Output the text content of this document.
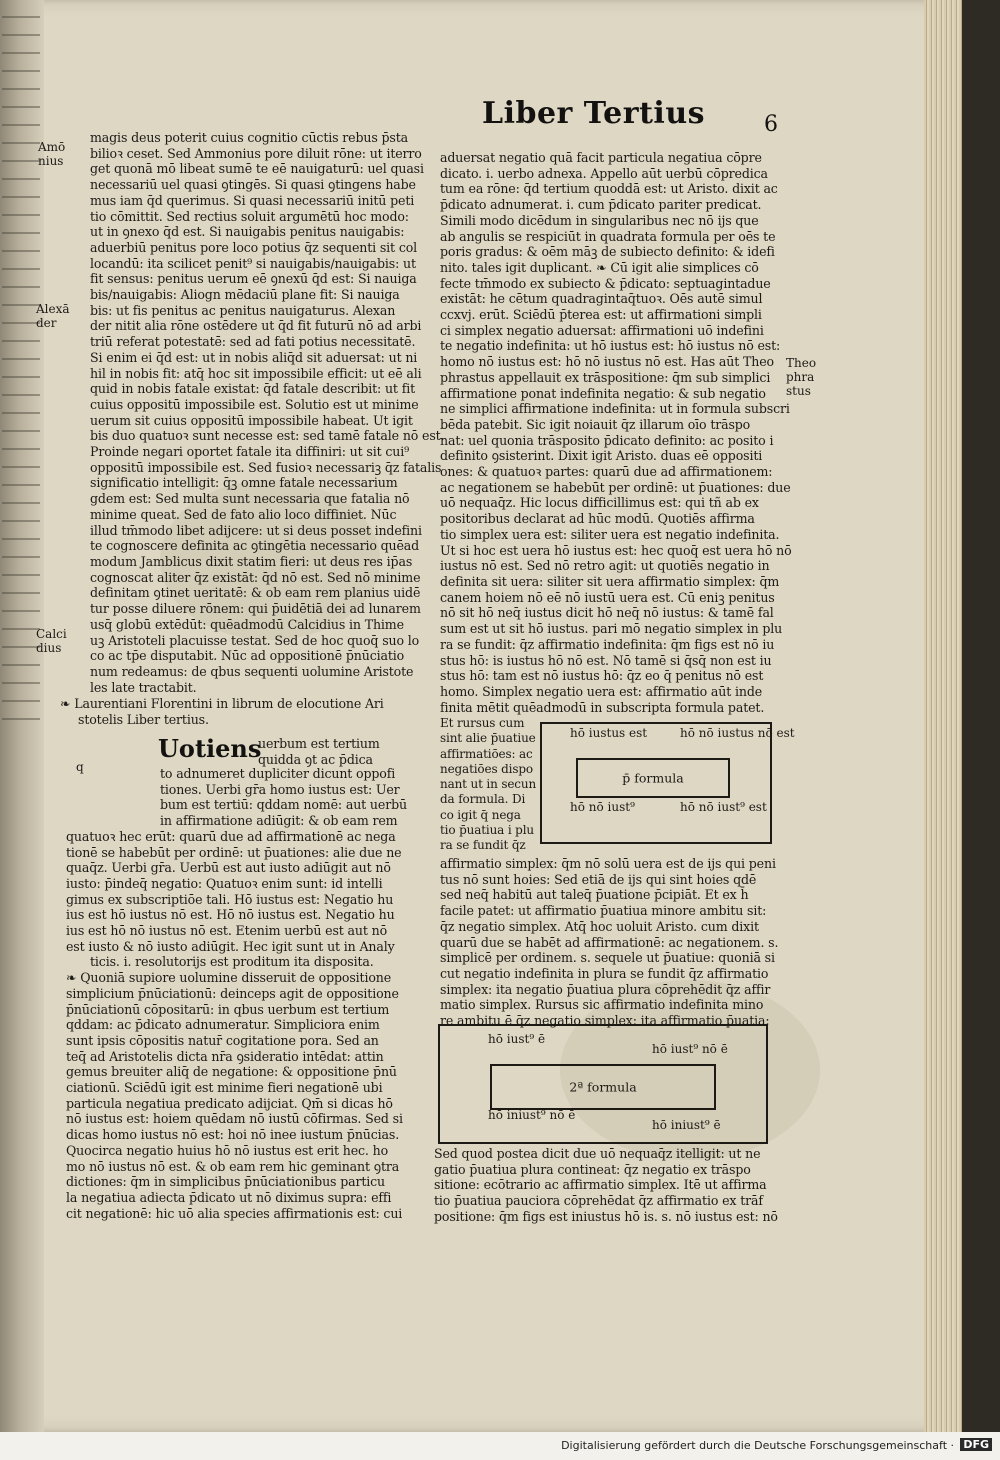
Liber Tertius	6
Amō nius
Alexā der
Calci dius
Theo phra stus

magis deus poterit cuius cognitio cūctis rebus p̄sta

bilioꝛ ceset. Sed Ammonius pore diluit rōne: ut iterro

get quonā mō libeat sumē te eē nauigaturū: uel quasi

necessariū uel quasi ꝯtingēs. Si quasi ꝯtingens habe

mus iam q̄d querimus. Si quasi necessariū initū peti

tio cōmittit. Sed rectius soluit argumētū hoc modo:

ut in ꝯnexo q̄d est. Si nauigabis penitus nauigabis:

aduerbiū penitus pore loco potius q̄z sequenti sit col

locandū: ita scilicet penit⁹ si nauigabis/nauigabis: ut

fit sensus: penitus uerum eē ꝯnexū q̄d est: Si nauiga

bis/nauigabis: Aliogn mēdaciū plane fit: Si nauiga

bis: ut fis penitus ac penitus nauigaturus. Alexan

der nitit alia rōne ostēdere ut q̄d fit futurū nō ad arbi

triū referat potestatē: sed ad fati potius necessitatē.

Si enim ei q̄d est: ut in nobis aliq̄d sit aduersat: ut ni

hil in nobis fit: atq̄ hoc sit impossibile efficit: ut eē ali

quid in nobis fatale existat: q̄d fatale describit: ut fit

cuius oppositū impossibile est. Solutio est ut minime

uerum sit cuius oppositū impossibile habeat. Ut igit

bis duo quatuoꝛ sunt necesse est: sed tamē fatale nō est.

Proinde negari oportet fatale ita diffiniri: ut sit cui⁹

oppositū impossibile est. Sed fusioꝛ necessariꝫ q̄z fatalis

significatio intelligit: q̄ꝫ omne fatale necessarium

gdem est: Sed multa sunt necessaria que fatalia nō

minime queat. Sed de fato alio loco diffiniet. Nūc

illud tm̄modo libet adijcere: ut si deus posset indefini

te cognoscere definita ac ꝯtingētia necessario quēad

modum Jamblicus dixit statim fieri: ut deus res ip̄as

cognoscat aliter q̄z existāt: q̄d nō est. Sed nō minime

definitam ꝯtinet ueritatē: & ob eam rem planius uidē

tur posse diluere rōnem: qui p̄uidētiā dei ad lunarem

usq̄ globū extēdūt: quēadmodū Calcidius in Thime

uꝫ Aristoteli placuisse testat. Sed de hoc quoq̄ suo lo

co ac tp̄e disputabit. Nūc ad oppositionē p̄nūciatio

num redeamus: de qbus sequenti uolumine Aristote

les late tractabit.

❧ Laurentiani Florentini in librum de elocutione Ari

stotelis Liber tertius.

Uotiens

uerbum est tertium

quidda ꝯt ac p̄dica

q	to adnumeret dupliciter dicunt oppofi

tiones. Uerbi gr̄a homo iustus est: Uer

bum est tertiū: qddam nomē: aut uerbū

in affirmatione adiūgit: & ob eam rem

quatuoꝛ hec erūt: quarū due ad affirmationē ac nega

tionē se habebūt per ordinē: ut p̄uationes: alie due ne

quaq̄z. Uerbi gr̄a. Uerbū est aut iusto adiūgit aut nō

iusto: p̄indeq̄ negatio: Quatuoꝛ enim sunt: id intelli

gimus ex subscriptiōe tali. Hō iustus est: Negatio hu

ius est hō iustus nō est. Hō nō iustus est. Negatio hu

ius est hō nō iustus nō est. Etenim uerbū est aut nō

est iusto & nō iusto adiūgit. Hec igit sunt ut in Analy

ticis. i. resolutorijs est proditum ita disposita.

❧ Quoniā supiore uolumine disseruit de oppositione

simplicium p̄nūciationū: deinceps agit de oppositione

p̄nūciationū cōpositarū: in qbus uerbum est tertium

qddam: ac p̄dicato adnumeratur. Simpliciora enim

sunt ipsis cōpositis natur̄ cogitatione pora. Sed an

teq̄ ad Aristotelis dicta nr̄a ꝯsideratio intēdat: attin

gemus breuiter aliq̄ de negatione: & oppositione p̄nū

ciationū. Sciēdū igit est minime fieri negationē ubi

particula negatiua predicato adijciat. Qm̄ si dicas hō

nō iustus est: hoiem quēdam nō iustū cōfirmas. Sed si

dicas homo iustus nō est: hoi nō inee iustum p̄nūcias.

Quocirca negatio huius hō nō iustus est erit hec. ho

mo nō iustus nō est. & ob eam rem hic geminant ꝯtra

dictiones: q̄m in simplicibus p̄nūciationibus particu

la negatiua adiecta p̄dicato ut nō diximus supra: effi

cit negationē: hic uō alia species affirmationis est: cui

aduersat negatio quā facit particula negatiua cōpre

dicato. i. uerbo adnexa. Appello aūt uerbū cōpredica

tum ea rōne: q̄d tertium quoddā est: ut Aristo. dixit ac

p̄dicato adnumerat. i. cum p̄dicato pariter predicat.

Simili modo dicēdum in singularibus nec nō ijs que

ab angulis se respiciūt in quadrata formula per oēs te

poris gradus: & oēm māꝫ de subiecto definito: & idefi

nito. tales igit duplicant. ❧ Cū igit alie simplices cō

fecte tm̄modo ex subiecto & p̄dicato: septuagintadue

existāt: he cētum quadragintaq̄tuoꝛ. Oēs autē simul

ccxvj. erūt. Sciēdū p̄terea est: ut affirmationi simpli

ci simplex negatio aduersat: affirmationi uō indefini

te negatio indefinita: ut hō iustus est: hō iustus nō est:

homo nō iustus est: hō nō iustus nō est. Has aūt Theo

phrastus appellauit ex trāspositione: q̄m sub simplici

affirmatione ponat indefinita negatio: & sub negatio

ne simplici affirmatione indefinita: ut in formula subscri

bēda patebit. Sic igit noiauit q̄z illarum oīo trāspo

nat: uel quonia trāsposito p̄dicato definito: ac posito i

definito ꝯsisterint. Dixit igit Aristo. duas eē oppositi

ones: & quatuoꝛ partes: quarū due ad affirmationem:

ac negationem se habebūt per ordinē: ut p̄uationes: due

uō nequaq̄z. Hic locus difficillimus est: qui tñ ab ex

positoribus declarat ad hūc modū. Quotiēs affirma

tio simplex uera est: siliter uera est negatio indefinita.

Ut si hoc est uera hō iustus est: hec quoq̄ est uera hō nō

iustus nō est. Sed nō retro agit: ut quotiēs negatio in

definita sit uera: siliter sit uera affirmatio simplex: q̄m

canem hoiem nō eē nō iustū uera est. Cū eniꝫ penitus

nō sit hō neq̄ iustus dicit hō neq̄ nō iustus: & tamē fal

sum est ut sit hō iustus. pari mō negatio simplex in plu

ra se fundit: q̄z affirmatio indefinita: q̄m figs est nō iu

stus hō: is iustus hō nō est. Nō tamē si q̄sq̄ non est iu

stus hō: tam est nō iustus hō: q̄z eo q̄ penitus nō est

homo. Simplex negatio uera est: affirmatio aūt inde

finita mētit quēadmodū in subscripta formula patet.

Et rursus cum

sint alie p̄uatiue

affirmatiōes: ac

negatiōes dispo

nant ut in secun

da formula. Di

co igit q̄ nega

tio p̄uatiua i plu

ra se fundit q̄z

hō iustus est	hō nō iustus nō est
p̄ formula
hō nō iust⁹	hō nō iust⁹ est

affirmatio simplex: q̄m nō solū uera est de ijs qui peni

tus nō sunt hoies: Sed etiā de ijs qui sint hoies qdē

sed neq̄ habitū aut taleq̄ p̄uatione p̄cipiāt. Et ex h̄

facile patet: ut affirmatio p̄uatiua minore ambitu sit:

q̄z negatio simplex. Atq̄ hoc uoluit Aristo. cum dixit

quarū due se habēt ad affirmationē: ac negationem. s.

simplicē per ordinem. s. sequele ut p̄uatiue: quoniā si

cut negatio indefinita in plura se fundit q̄z affirmatio

simplex: ita negatio p̄uatiua plura cōprehēdit q̄z affir

matio simplex. Rursus sic affirmatio indefinita mino

re ambitu ē q̄z negatio simplex: ita affirmatio p̄uatia:

hō iust⁹ ē
hō iust⁹ nō ē
2ª formula
hō iniust⁹ nō ē
hō iniust⁹ ē

Sed quod postea dicit due uō nequaq̄z itelligit: ut ne

gatio p̄uatiua plura contineat: q̄z negatio ex trāspo

sitione: ecōtrario ac affirmatio simplex. Itē ut affirma

tio p̄uatiua pauciora cōprehēdat q̄z affirmatio ex trāf

positione: q̄m figs est iniustus hō is. s. nō iustus est: nō

Digitalisierung gefördert durch die Deutsche Forschungsgemeinschaft · DFG
